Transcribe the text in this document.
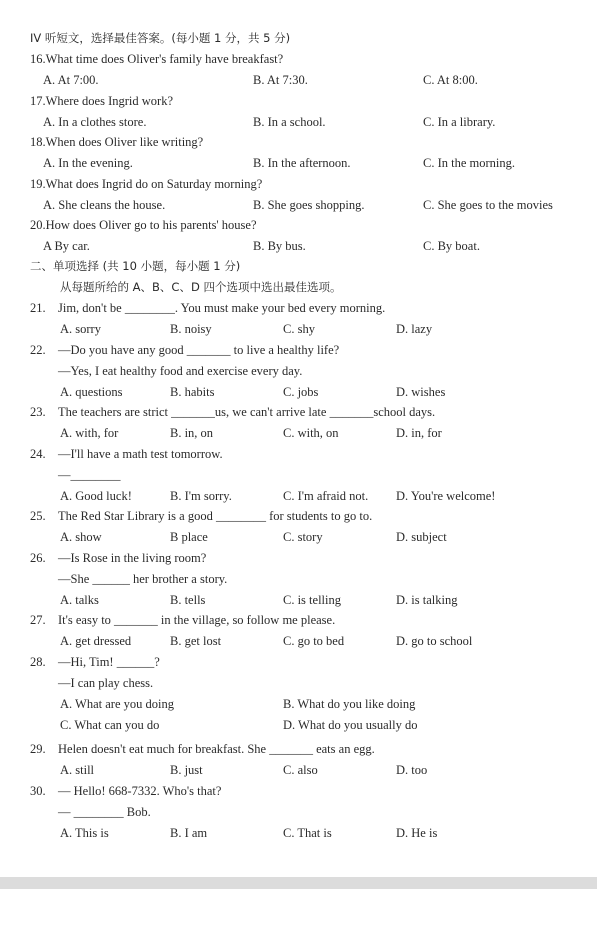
IV 听短文，选择最佳答案。(每小题 1 分，共 5 分)
16.What time does Oliver's family have breakfast?
A. At 7:00.	B. At 7:30.	C. At 8:00.
17.Where does Ingrid work?
A. In a clothes store.	B. In a school.	C. In a library.
18.When does Oliver like writing?
A. In the evening.	B. In the afternoon.	C. In the morning.
19.What does Ingrid do on Saturday morning?
A. She cleans the house.	B. She goes shopping.	C. She goes to the movies
20.How does Oliver go to his parents' house?
A By car.	B. By bus.	C. By boat.
二、单项选择 (共 10 小题，每小题 1 分)
从每题所给的 A、B、C、D 四个选项中选出最佳选项。
21. Jim, don't be ________. You must make your bed every morning.
A. sorry	B. noisy	C. shy	D. lazy
22. —Do you have any good _______ to live a healthy life?
—Yes, I eat healthy food and exercise every day.
A. questions	B. habits	C. jobs	D. wishes
23. The teachers are strict _______us, we can't arrive late _______school days.
A. with, for	B. in, on	C. with, on	D. in, for
24. —I'll have a math test tomorrow.
—________
A. Good luck!	B. I'm sorry.	C. I'm afraid not. D. You're welcome!
25. The Red Star Library is a good ________ for students to go to.
A. show	B place	C. story	D. subject
26. —Is Rose in the living room?
—She ______ her brother a story.
A. talks	B. tells	C. is telling	D. is talking
27. It's easy to _______ in the village, so follow me please.
A. get dressed	B. get lost	C. go to bed	D. go to school
28. —Hi, Tim! ______?
—I can play chess.
A. What are you doing	B. What do you like doing
C. What can you do	D. What do you usually do
29. Helen doesn't eat much for breakfast. She _______ eats an egg.
A. still	B. just	C. also	D. too
30. — Hello! 668-7332. Who's that?
— ________ Bob.
A. This is	B. I am	C. That is	D. He is
